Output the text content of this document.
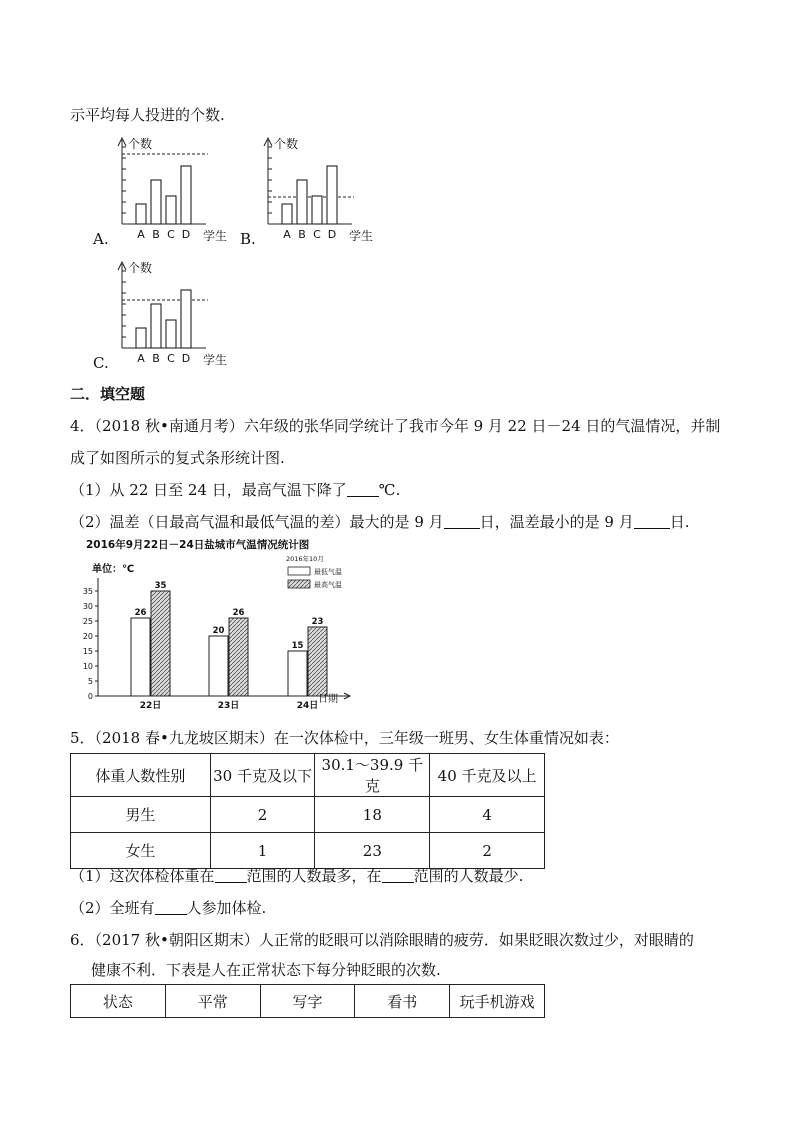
示平均每人投进的个数.
个数
A B C D 学生
A.
个数
A B C D 学生
B.
个数
A B C D 学生
C.
二．填空题
4．（2018 秋•南通月考）六年级的张华同学统计了我市今年 9 月 22 日－24 日的气温情况，并制
成了如图所示的复式条形统计图.
（1）从 22 日至 24 日，最高气温下降了 ℃.
（2）温差（日最高气温和最低气温的差）最大的是 9 月 日，温差最小的是 9 月 日.
2016年9月22日－24日盐城市气温情况统计图
2016年10月
单位：℃	最低气温
最高气温
0
5
10
15
20
25
30
35
26
35
22日
20
26
23日
15
23
24日
日期
5．（2018 春•九龙坡区期末）在一次体检中，三年级一班男、女生体重情况如表：
体重人数性别	30 千克及以下	30.1～39.9 千克	40 千克及以上
男生	2	18	4
女生	1	23	2
（1）这次体检体重在 范围的人数最多，在 范围的人数最少.
（2）全班有 人参加体检.
6．（2017 秋•朝阳区期末）人正常的眨眼可以消除眼睛的疲劳．如果眨眼次数过少，对眼睛的
健康不利．下表是人在正常状态下每分钟眨眼的次数.
状态	平常	写字	看书	玩手机游戏
